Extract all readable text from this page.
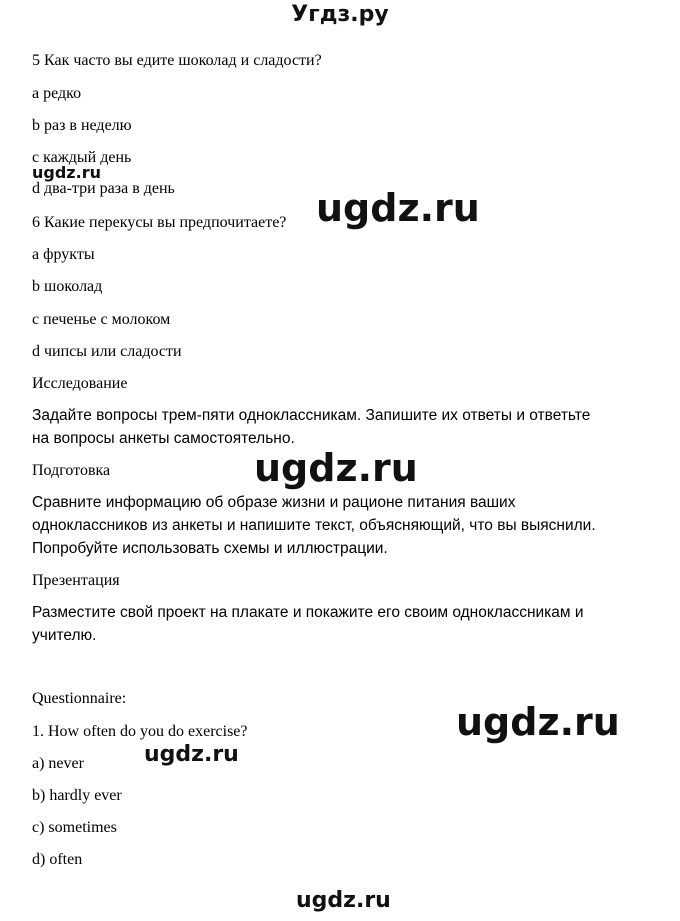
Угдз.ру
5 Как часто вы едите шоколад и сладости?
a редко
b раз в неделю
c каждый день
d два-три раза в день
6 Какие перекусы вы предпочитаете?
a фрукты
b шоколад
c печенье с молоком
d чипсы или сладости
Исследование
Задайте вопросы трем-пяти одноклассникам. Запишите их ответы и ответьте
на вопросы анкеты самостоятельно.
Подготовка
Сравните информацию об образе жизни и рационе питания ваших
одноклассников из анкеты и напишите текст, объясняющий, что вы выяснили.
Попробуйте использовать схемы и иллюстрации.
Презентация
Разместите свой проект на плакате и покажите его своим одноклассникам и
учителю.
Questionnaire:
1. How often do you do exercise?
a) never
b) hardly ever
c) sometimes
d) often
ugdz.ru
ugdz.ru
ugdz.ru
ugdz.ru
ugdz.ru
ugdz.ru
